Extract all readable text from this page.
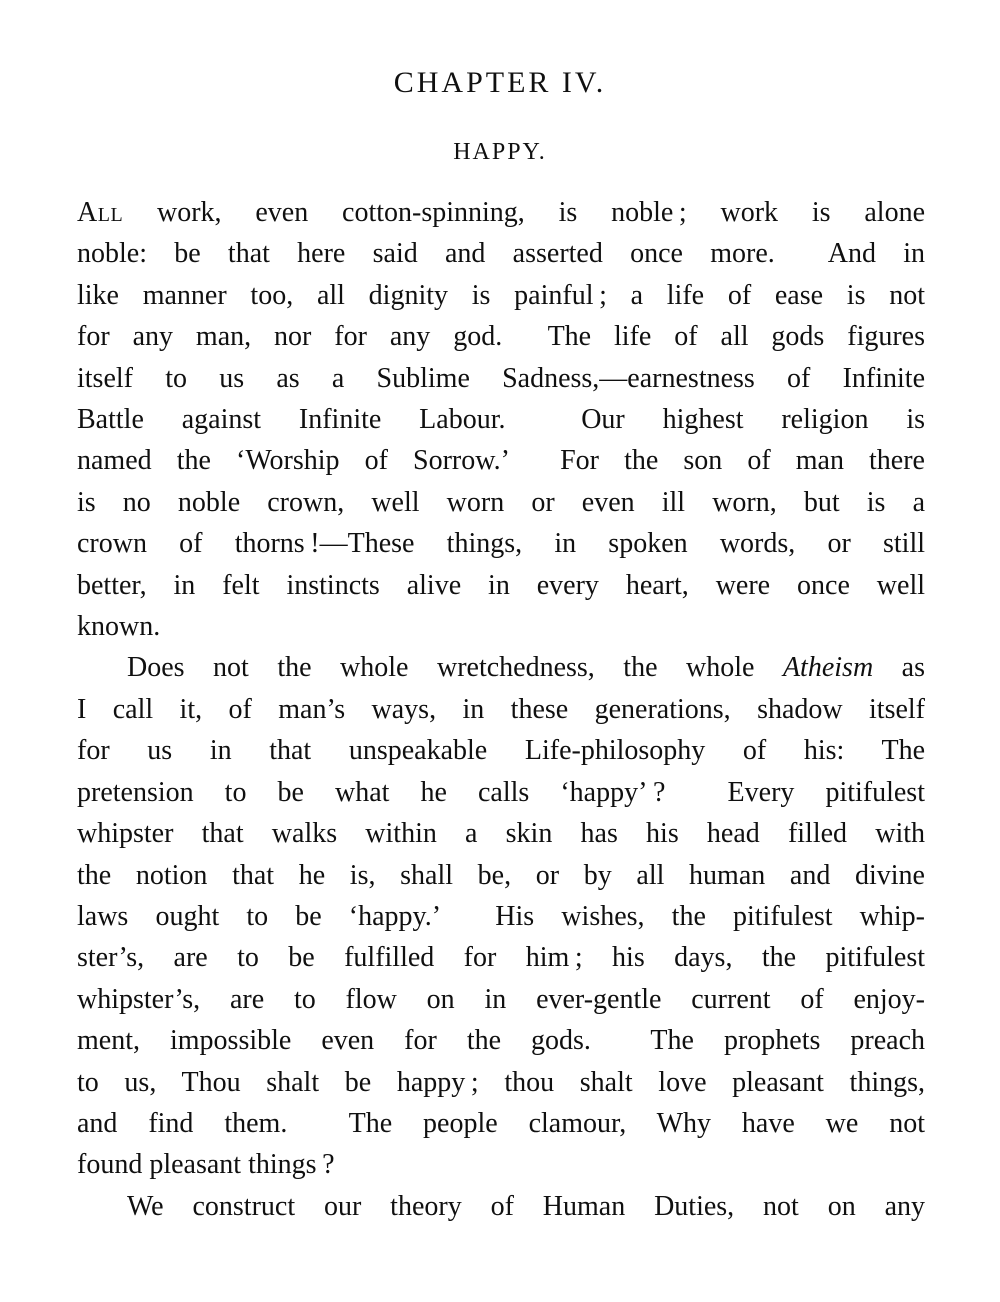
CHAPTER IV.
HAPPY.
All work, even cotton-spinning, is noble ; work is alone
noble: be that here said and asserted once more.  And in
like manner too, all dignity is painful ; a life of ease is not
for any man, nor for any god.  The life of all gods figures
itself to us as a Sublime Sadness,—earnestness of Infinite
Battle against Infinite Labour.  Our highest religion is
named the ‘Worship of Sorrow.’  For the son of man there
is no noble crown, well worn or even ill worn, but is a
crown of thorns !—These things, in spoken words, or still
better, in felt instincts alive in every heart, were once well
known.
Does not the whole wretchedness, the whole Atheism as
I call it, of man’s ways, in these generations, shadow itself
for us in that unspeakable Life-philosophy of his: The
pretension to be what he calls ‘happy’ ?  Every pitifulest
whipster that walks within a skin has his head filled with
the notion that he is, shall be, or by all human and divine
laws ought to be ‘happy.’  His wishes, the pitifulest whip-
ster’s, are to be fulfilled for him ; his days, the pitifulest
whipster’s, are to flow on in ever-gentle current of enjoy-
ment, impossible even for the gods.  The prophets preach
to us, Thou shalt be happy ; thou shalt love pleasant things,
and find them.  The people clamour, Why have we not
found pleasant things ?
We construct our theory of Human Duties, not on any
